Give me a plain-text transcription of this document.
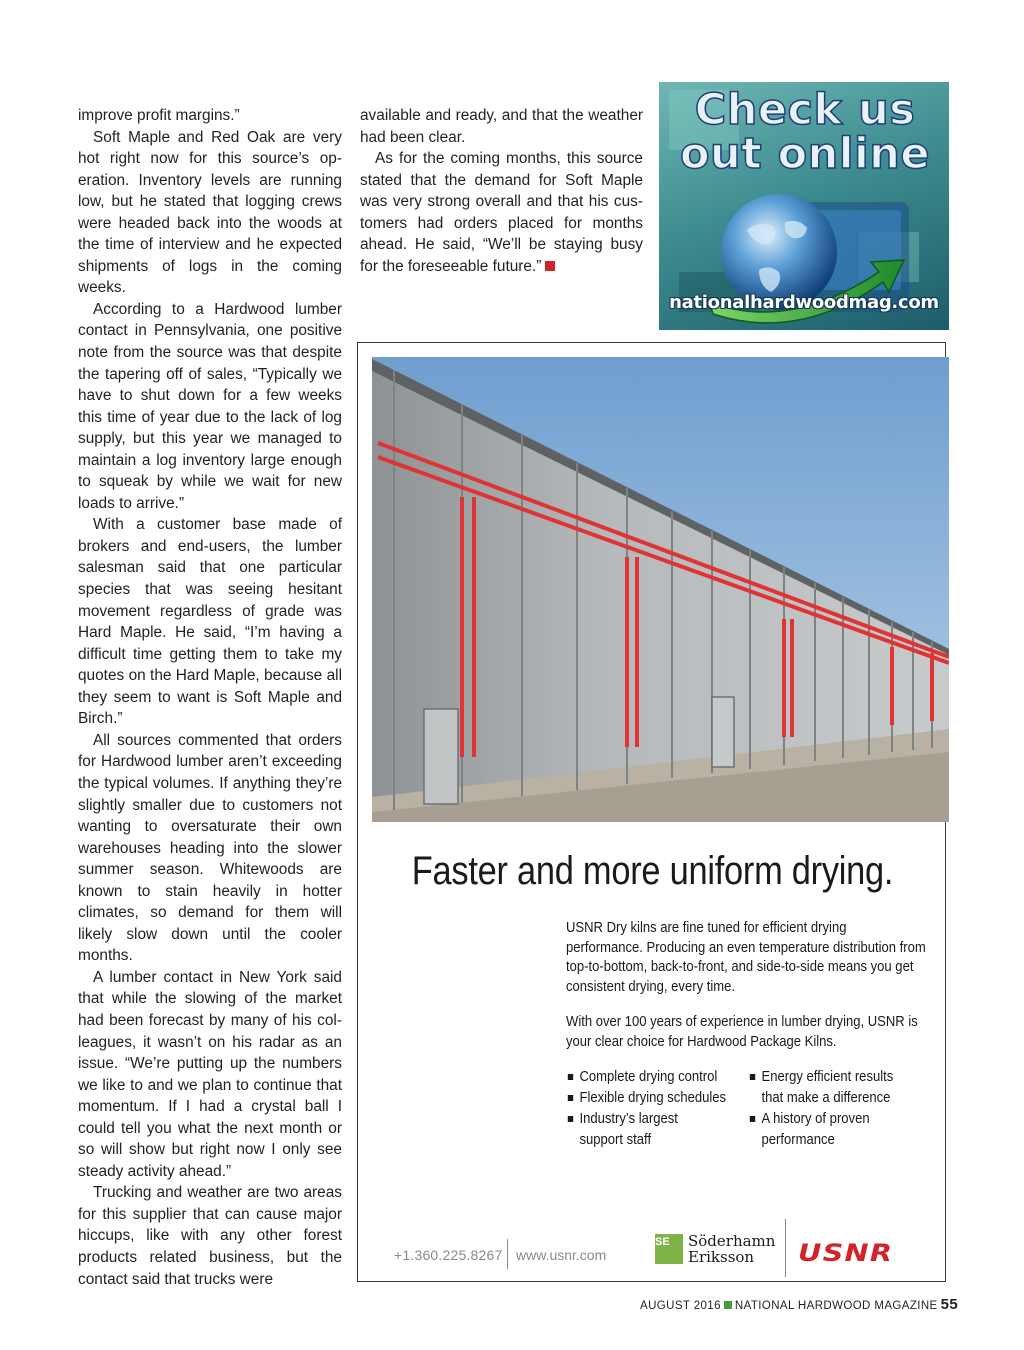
improve profit margins.”

Soft Maple and Red Oak are very hot right now for this source’s operation. Inventory levels are running low, but he stated that logging crews were headed back into the woods at the time of interview and he expected shipments of logs in the coming weeks.

According to a Hardwood lumber contact in Pennsylvania, one positive note from the source was that despite the tapering off of sales, “Typically we have to shut down for a few weeks this time of year due to the lack of log supply, but this year we managed to maintain a log inventory large enough to squeak by while we wait for new loads to arrive.”

With a customer base made of brokers and end-users, the lumber salesman said that one particular species that was seeing hesitant movement regardless of grade was Hard Maple. He said, “I’m having a difficult time getting them to take my quotes on the Hard Maple, because all they seem to want is Soft Maple and Birch.”

All sources commented that orders for Hardwood lumber aren’t exceeding the typical volumes. If anything they’re slightly smaller due to customers not wanting to oversaturate their own warehouses heading into the slower summer season. Whitewoods are known to stain heavily in hotter climates, so demand for them will likely slow down until the cooler months.

A lumber contact in New York said that while the slowing of the market had been forecast by many of his colleagues, it wasn’t on his radar as an issue. “We’re putting up the numbers we like to and we plan to continue that momentum. If I had a crystal ball I could tell you what the next month or so will show but right now I only see steady activity ahead.”

Trucking and weather are two areas for this supplier that can cause major hiccups, like with any other forest products related business, but the contact said that trucks were

available and ready, and that the weather had been clear.

As for the coming months, this source stated that the demand for Soft Maple was very strong overall and that his customers had orders placed for months ahead. He said, “We’ll be staying busy for the foreseeable future.”

Check us
out online
nationalhardwoodmag.com
Faster and more uniform drying.
USNR Dry kilns are fine tuned for efficient drying performance. Producing an even temperature distribution from top-to-bottom, back-to-front, and side-to-side means you get consistent drying, every time.
With over 100 years of experience in lumber drying, USNR is your clear choice for Hardwood Package Kilns.
Complete drying control
Flexible drying schedules
Industry’s largest support staff
Energy efficient results that make a difference
A history of proven performance
+1.360.225.8267 www.usnr.com
SE	Söderhamn
Eriksson	USNR
AUGUST 2016 NATIONAL HARDWOOD MAGAZINE 55
